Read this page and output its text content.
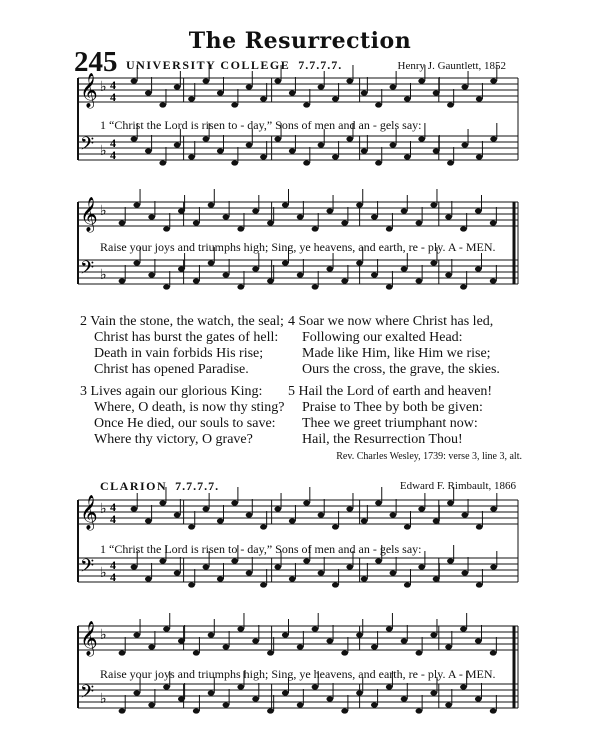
The Resurrection
245 UNIVERSITY COLLEGE 7.7.7.7.	Henry J. Gauntlett, 1852
𝄞 ♭ 4
4
𝄢 ♭
4
4
1 “Christ the Lord is risen to - day,” Sons of men and an - gels say:
𝄞 ♭
𝄢 ♭
Raise your joys and triumphs high; Sing, ye heavens, and earth, re - ply. A - MEN.
2 Vain the stone, the watch, the seal;
Christ has burst the gates of hell:
Death in vain forbids His rise;
Christ has opened Paradise.
4 Soar we now where Christ has led,
Following our exalted Head:
Made like Him, like Him we rise;
Ours the cross, the grave, the skies.
3 Lives again our glorious King:
Where, O death, is now thy sting?
Once He died, our souls to save:
Where thy victory, O grave?
5 Hail the Lord of earth and heaven!
Praise to Thee by both be given:
Thee we greet triumphant now:
Hail, the Resurrection Thou!
Rev. Charles Wesley, 1739: verse 3, line 3, alt.
CLARION 7.7.7.7.	Edward F. Rimbault, 1866
𝄞 ♭ 4
4
𝄢 ♭
4
4
1 “Christ the Lord is risen to - day,” Sons of men and an - gels say:
𝄞 ♭
𝄢 ♭
Raise your joys and triumphs high; Sing, ye heavens, and earth, re - ply. A - MEN.
